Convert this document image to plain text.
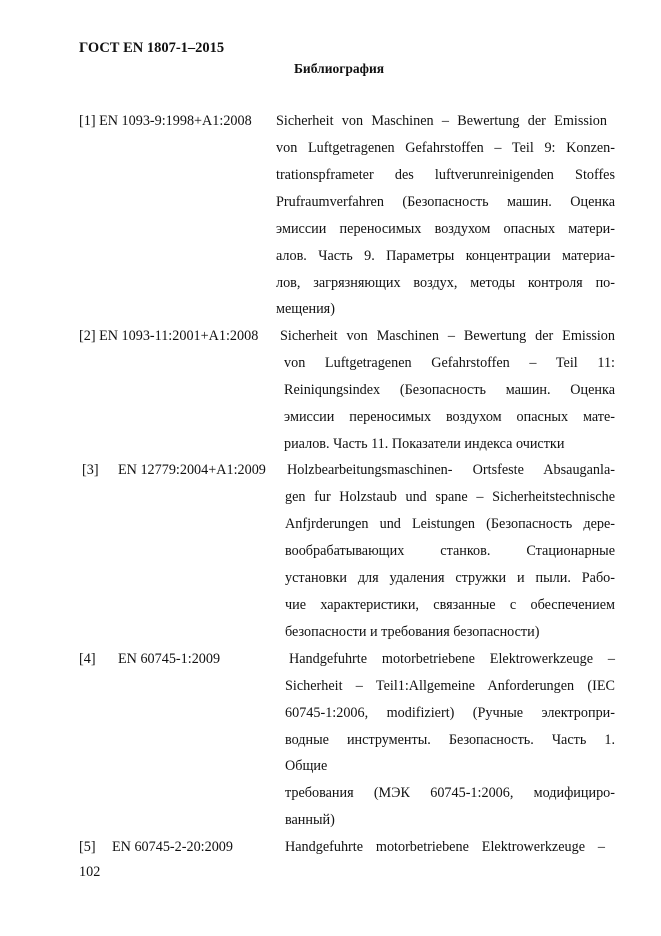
ГОСТ EN 1807-1–2015
Библиография
[1] EN 1093-9:1998+A1:2008 Sicherheit von Maschinen – Bewertung der Emission
von Luftgetragenen Gefahrstoffen – Teil 9: Konzen-
trationspframeter des luftverunreinigenden Stoffes
Prufraumverfahren (Безопасность машин. Оценка
эмиссии переносимых воздухом опасных матери-
алов. Часть 9. Параметры концентрации материа-
лов, загрязняющих воздух, методы контроля по-
мещения)
[2] EN 1093-11:2001+A1:2008 Sicherheit von Maschinen – Bewertung der Emission
von Luftgetragenen Gefahrstoffen – Teil 11:
Reiniqungsindex (Безопасность машин. Оценка
эмиссии переносимых воздухом опасных мате-
риалов. Часть 11. Показатели индекса очистки
[3] EN 12779:2004+A1:2009 Holzbearbeitungsmaschinen- Ortsfeste Absauganla-
gen fur Holzstaub und spane – Sicherheitstechnische
Anfjrderungen und Leistungen (Безопасность дере-
вообрабатывающих станков. Стационарные
установки для удаления стружки и пыли. Рабо-
чие характеристики, связанные с обеспечением
безопасности и требования безопасности)
[4] EN 60745-1:2009	Handgefuhrte motorbetriebene Elektrowerkzeuge –
Sicherheit – Teil1:Allgemeine Anforderungen (IEC
60745-1:2006, modifiziert) (Ручные электропри-
водные инструменты. Безопасность. Часть 1.
Общие
требования (МЭК 60745-1:2006, модифициро-
ванный)
[5] EN 60745-2-20:2009	Handgefuhrte motorbetriebene Elektrowerkzeuge –
102
